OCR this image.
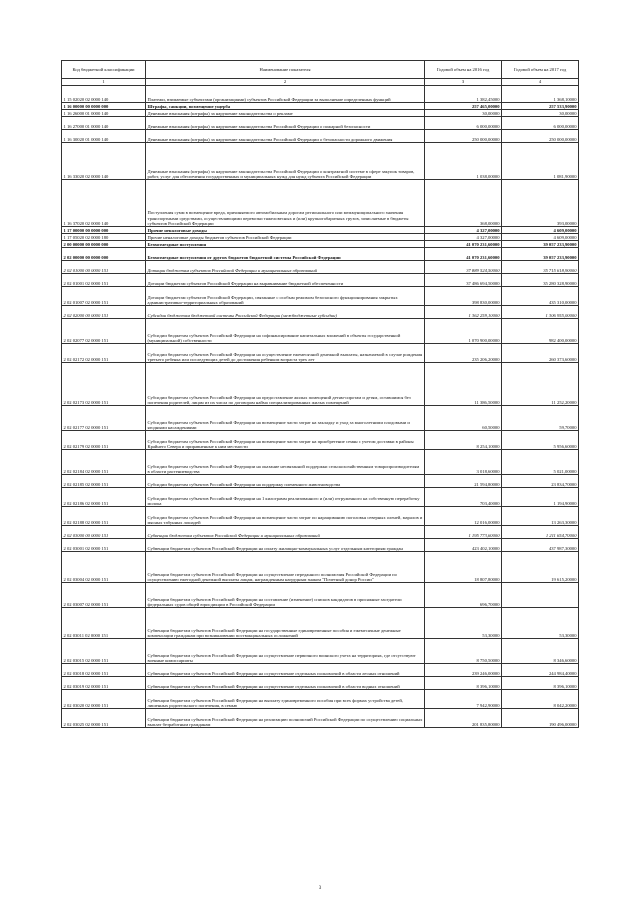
Код бюджетной классификации	Наименование показателя	Годовой объем на 2016 год	Годовой объем на 2017 год
1	2	3	4
1 15 02020 02 0000 140	Платежи, взимаемые субъектами (организациями) субъектов Российской Федерации за выполнение определенных функций	1 382,45000	1 368,10000
1 16 00000 00 0000 000	Штрафы, санкции, возмещение ущерба	257 465,00000	257 533,90000
1 16 26000 01 0000 140	Денежные взыскания (штрафы) за нарушение законодательства о рекламе	30,00000	30,00000
1 16 27000 01 0000 140	Денежные взыскания (штрафы) за нарушение законодательства Российской Федерации о пожарной безопасности	6 000,00000	6 000,00000
1 16 30020 01 0000 140	Денежные взыскания (штрафы) за нарушение законодательства Российской Федерации о безопасности дорожного движения	250 000,00000	250 000,00000
1 16 33020 02 0000 140	Денежные взыскания (штрафы) за нарушение законодательства Российской Федерации о контрактной системе в сфере закупок товаров, работ, услуг для обеспечения государственных и муниципальных нужд для нужд субъекта Российской Федерации	1 038,00000	1 081,90000
1 16 37020 02 0000 140	Поступления сумм в возмещение вреда, причиняемого автомобильным дорогам регионального или межмуниципального значения транспортными средствами, осуществляющими перевозки тяжеловесных и (или) крупногабаритных грузов, зачисляемые в бюджеты субъектов Российской Федерации	368,00000	393,00000
1 17 00000 00 0000 000	Прочие неналоговые доходы	4 327,00000	4 609,00000
1 17 05020 02 0000 180	Прочие неналоговые доходы бюджетов субъектов Российской Федерации	4 327,00000	4 609,00000
2 00 00000 00 0000 000	Безвозмездные поступления	41 070 231,60000	39 057 233,90000
2 02 00000 00 0000 000	Безвозмездные поступления от других бюджетов бюджетной системы Российской Федерации	41 070 231,60000	39 057 233,90000
2 02 01000 00 0000 151	Дотации бюджетам субъектов Российской Федерации и муниципальных образований	37 889 524,50000	35 715 618,90000
2 02 01001 02 0000 151	Дотации бюджетам субъектов Российской Федерации на выравнивание бюджетной обеспеченности	37 486 694,50000	35 280 328,90000
2 02 01007 02 0000 151	Дотации бюджетам субъектов Российской Федерации, связанные с особым режимом безопасного функционирования закрытых административно-территориальных образований	398 830,00000	435 310,00000
2 02 02000 00 0000 151	Субсидии бюджетам бюджетной системы Российской Федерации (межбюджетные субсидии)	1 362 259,10000	1 306 955,00000
2 02 02077 02 0000 151	Субсидии бюджетам субъектов Российской Федерации на софинансирование капитальных вложений в объекты государственной (муниципальной) собственности	1 070 900,00000	982 400,00000
2 02 02172 02 0000 151	Субсидии бюджетам субъектов Российской Федерации на осуществление ежемесячной денежной выплаты, назначаемой в случае рождения третьего ребенка или последующих детей до достижения ребенком возраста трех лет	235 206,20000	260 373,60000
2 02 02173 02 0000 151	Субсидии бюджетам субъектов Российской Федерации на предоставление жилых помещений детям-сиротам и детям, оставшимся без попечения родителей, лицам из их числа по договорам найма специализированных жилых помещений	11 386,50000	11 252,20000
2 02 02177 02 0000 151	Субсидии бюджетам субъектов Российской Федерации на возмещение части затрат на закладку и уход за многолетними плодовыми и ягодными насаждениями	60,50000	59,70000
2 02 02179 02 0000 151	Субсидии бюджетам субъектов Российской Федерации на возмещение части затрат на приобретение семян с учетом доставки в районы Крайнего Севера и приравненные к ним местности	8 254,10000	5 956,60000
2 02 02184 02 0000 151	Субсидии бюджетам субъектов Российской Федерации на оказание несвязанной поддержки сельскохозяйственным товаропроизводителям в области растениеводства	3 018,60000	5 021,00000
2 02 02185 02 0000 151	Субсидии бюджетам субъектов Российской Федерации на поддержку племенного животноводства	21 594,80000	23 834,70000
2 02 02186 02 0000 151	Субсидии бюджетам субъектов Российской Федерации на 1 килограмм реализованного и (или) отгруженного на собственную переработку молока	703,40000	1 194,90000
2 02 02188 02 0000 151	Субсидии бюджетам субъектов Российской Федерации на возмещение части затрат по наращиванию поголовья северных оленей, маралов и мясных табунных лошадей	12 016,00000	13 263,30000
2 02 03000 00 0000 151	Субвенции бюджетам субъектов Российской Федерации и муниципальных образований	1 195 773,60000	1 211 654,70000
2 02 03001 02 0000 151	Субвенции бюджетам субъектов Российской Федерации на оплату жилищно-коммунальных услуг отдельным категориям граждан	423 402,10000	437 987,30000
2 02 03004 02 0000 151	Субвенции бюджетам субъектов Российской Федерации на осуществление переданного полномочия Российской Федерации по осуществлению ежегодной денежной выплаты лицам, награжденным нагрудным знаком "Почетный донор России"	18 807,80000	19 615,20000
2 02 03007 02 0000 151	Субвенции бюджетам субъектов Российской Федерации на составление (изменение) списков кандидатов в присяжные заседатели федеральных судов общей юрисдикции в Российской Федерации	696,70000	
2 02 03011 02 0000 151	Субвенции бюджетам субъектов Российской Федерации на государственные единовременные пособия и ежемесячные денежные компенсации гражданам при возникновении поствакцинальных осложнений	53,30000	53,30000
2 02 03015 02 0000 151	Субвенции бюджетам субъектов Российской Федерации на осуществление первичного воинского учета на территориях, где отсутствуют военные комиссариаты	8 750,50000	8 346,60000
2 02 03018 02 0000 151	Субвенции бюджетам субъектов Российской Федерации на осуществление отдельных полномочий в области лесных отношений	239 246,00000	244 984,40000
2 02 03019 02 0000 151	Субвенции бюджетам субъектов Российской Федерации на осуществление отдельных полномочий в области водных отношений	8 396,10000	8 396,10000
2 02 03020 02 0000 151	Субвенции бюджетам субъектов Российской Федерации на выплату единовременного пособия при всех формах устройства детей, лишенных родительского попечения, в семью	7 942,90000	8 042,20000
2 02 03025 02 0000 151	Субвенции бюджетам субъектов Российской Федерации на реализацию полномочий Российской Федерации по осуществлению социальных выплат безработным гражданам	201 835,80000	190 496,00000
3
